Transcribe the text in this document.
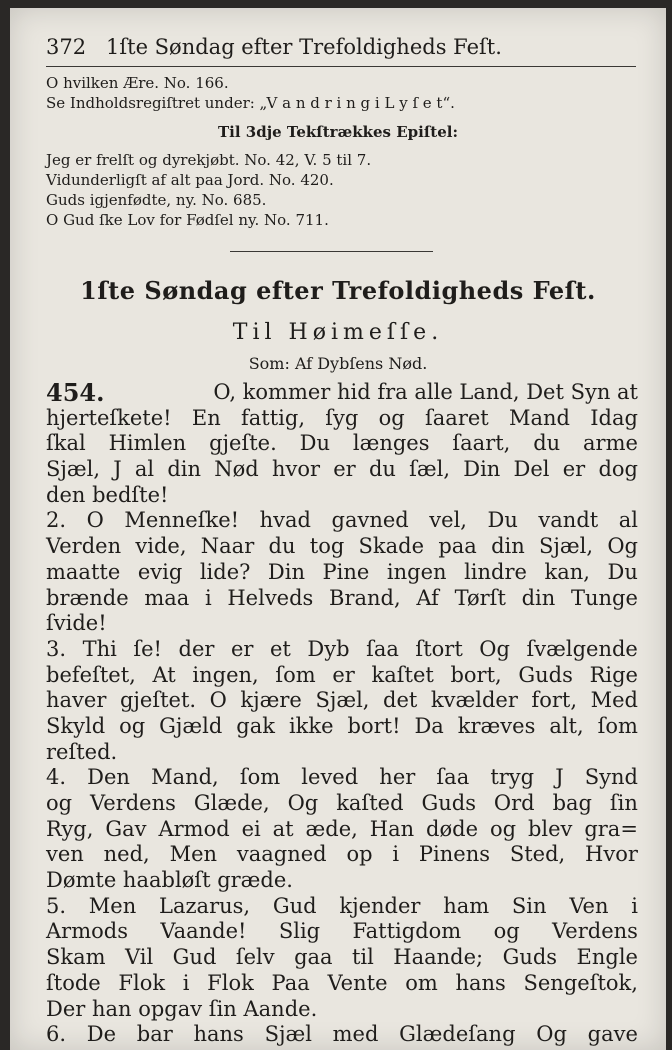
372 1ſte Søndag efter Trefoldigheds Feſt.
O hvilken Ære. No. 166.
Se Indholdsregiſtret under: „V a n d r i n g i L y ſ e t“.
Til 3dje Tekſtrækkes Epiſtel:
Jeg er frelſt og dyrekjøbt. No. 42, V. 5 til 7.
Vidunderligſt af alt paa Jord. No. 420.
Guds igjenfødte, ny. No. 685.
O Gud ſke Lov for Fødſel ny. No. 711.
1ſte Søndag efter Trefoldigheds Feſt.
Til Høimeſſe.
Som: Af Dybſens Nød.
454.	O, kommer hid fra alle Land, Det Syn at
hjerteſkete! En fattig, ſyg og ſaaret Mand Idag
ſkal Himlen gjeſte. Du længes ſaart, du arme
Sjæl, J al din Nød hvor er du ſæl, Din Del er dog
den bedſte!
2. O Menneſke! hvad gavned vel, Du vandt al
Verden vide, Naar du tog Skade paa din Sjæl, Og
maatte evig lide? Din Pine ingen lindre kan, Du
brænde maa i Helveds Brand, Af Tørſt din Tunge
ſvide!
3. Thi ſe! der er et Dyb ſaa ſtort Og ſvælgende
befeſtet, At ingen, ſom er kaſtet bort, Guds Rige
haver gjeſtet. O kjære Sjæl, det kvælder fort, Med
Skyld og Gjæld gak ikke bort! Da kræves alt, ſom
reſted.
4. Den Mand, ſom leved her ſaa tryg J Synd
og Verdens Glæde, Og kaſted Guds Ord bag ſin
Ryg, Gav Armod ei at æde, Han døde og blev gra=
ven ned, Men vaagned op i Pinens Sted, Hvor
Dømte haabløſt græde.
5. Men Lazarus, Gud kjender ham Sin Ven i
Armods Vaande! Slig Fattigdom og Verdens
Skam Vil Gud ſelv gaa til Haande; Guds Engle
ſtode Flok i Flok Paa Vente om hans Sengeſtok,
Der han opgav ſin Aande.
6. De bar hans Sjæl med Glædeſang Og gave
